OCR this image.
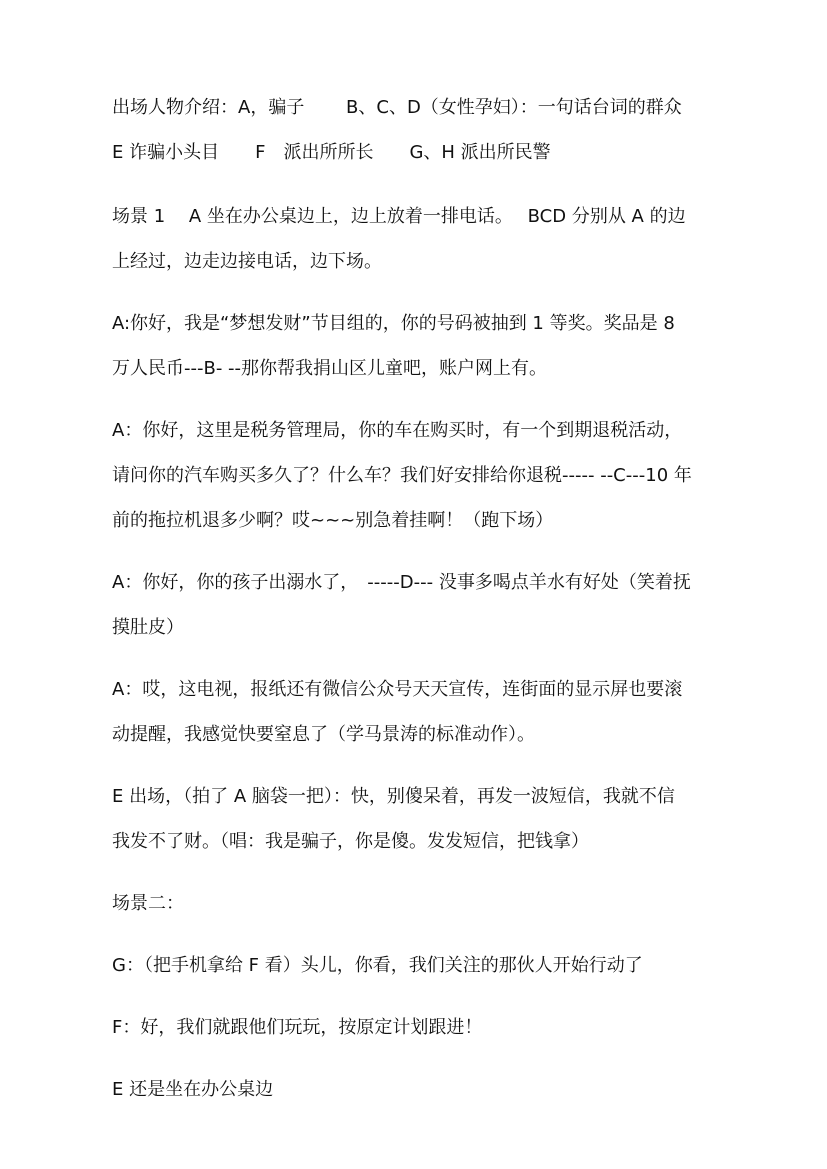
出场人物介绍：A，骗子　　 B、C、D（女性孕妇）：一句话台词的群众
E 诈骗小头目　　F　派出所所长　　G、H 派出所民警
场景 1　 A 坐在办公桌边上，边上放着一排电话。　 BCD 分别从 A 的边
上经过，边走边接电话，边下场。
A:你好，我是“梦想发财”节目组的，你的号码被抽到 1 等奖。奖品是 8
万人民币---B- --那你帮我捐山区儿童吧，账户网上有。
A：你好，这里是税务管理局，你的车在购买时，有一个到期退税活动，
请问你的汽车购买多久了？什么车？我们好安排给你退税----- --C---10 年
前的拖拉机退多少啊？哎~~~别急着挂啊！（跑下场）
A：你好，你的孩子出溺水了，　-----D--- 没事多喝点羊水有好处（笑着抚
摸肚皮）
A：哎，这电视，报纸还有微信公众号天天宣传，连街面的显示屏也要滚
动提醒，我感觉快要窒息了（学马景涛的标准动作）。
E 出场，（拍了 A 脑袋一把）：快，别傻呆着，再发一波短信，我就不信
我发不了财。（唱：我是骗子，你是傻。发发短信，把钱拿）
场景二：
G：（把手机拿给 F 看）头儿，你看，我们关注的那伙人开始行动了
F：好，我们就跟他们玩玩，按原定计划跟进！
E 还是坐在办公桌边
